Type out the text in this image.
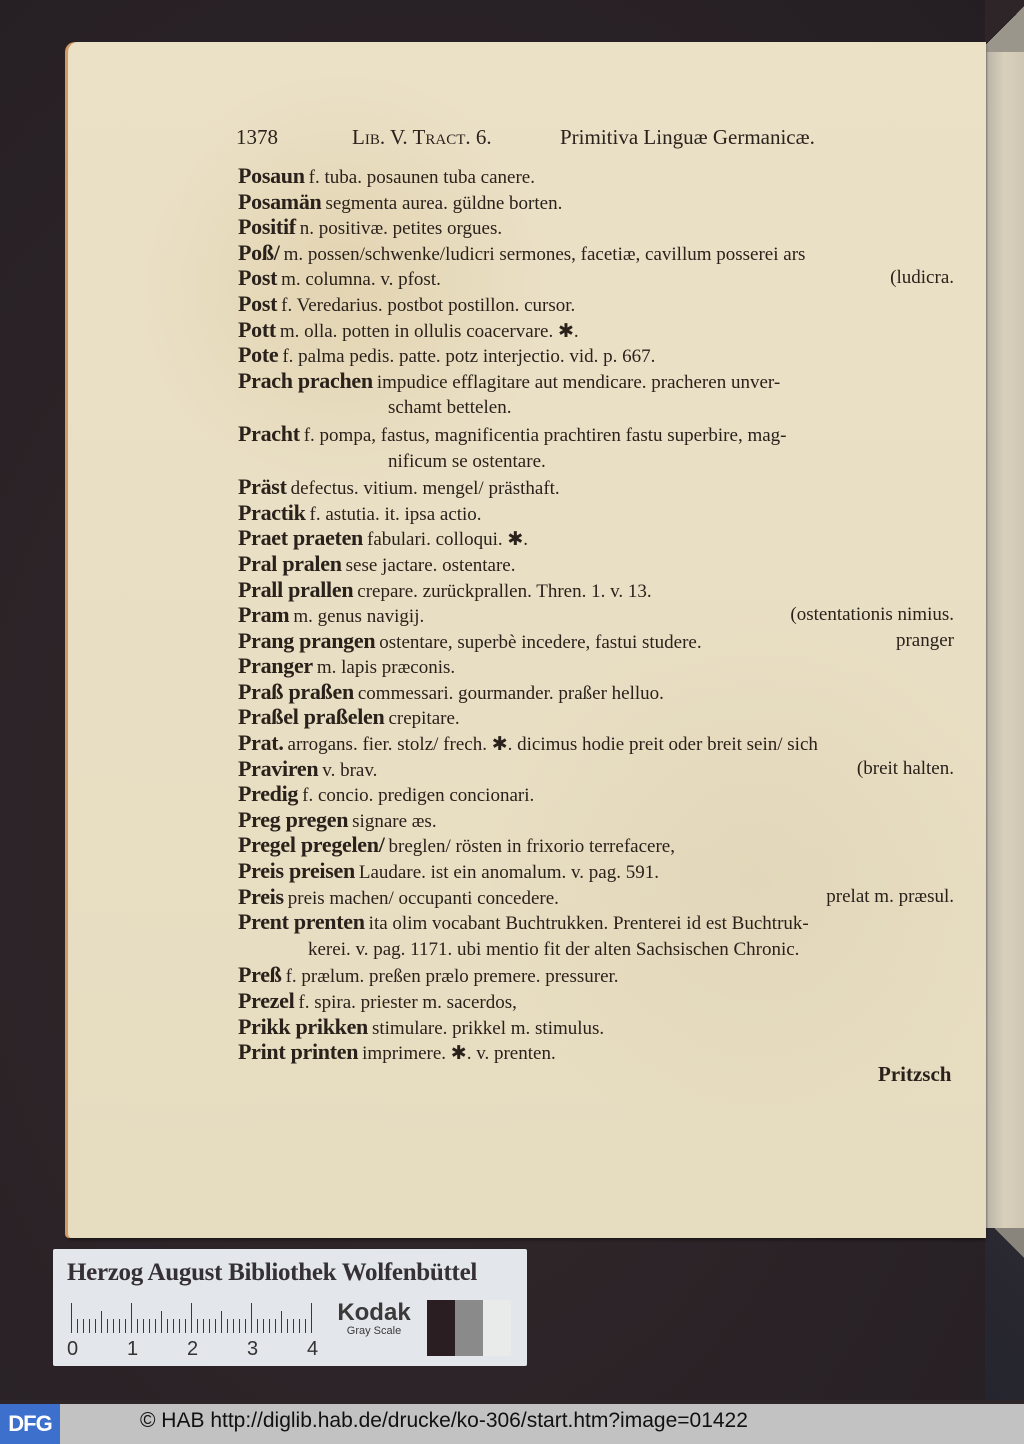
1378	Lib. V. Tract. 6.	Primitiva Linguæ Germanicæ.
Posaun f. tuba. posaunen tuba canere.
Posamän segmenta aurea. güldne borten.
Positif n. positivæ. petites orgues.
Poß/ m. possen/schwenke/ludicri sermones, facetiæ, cavillum posserei ars
Post m. columna. v. pfost.	(ludicra.
Post f. Veredarius. postbot postillon. cursor.
Pott m. olla. potten in ollulis coacervare. ✱.
Pote f. palma pedis. patte. potz interjectio. vid. p. 667.
Prach prachen impudice efflagitare aut mendicare. pracheren unver-
schamt bettelen.
Pracht f. pompa, fastus, magnificentia prachtiren fastu superbire, mag-
nificum se ostentare.
Präst defectus. vitium. mengel/ prästhaft.
Practik f. astutia. it. ipsa actio.
Praet praeten fabulari. colloqui. ✱.
Pral pralen sese jactare. ostentare.
Prall prallen crepare. zurückprallen. Thren. 1. v. 13.
Pram m. genus navigij.	(ostentationis nimius.
Prang prangen ostentare, superbè incedere, fastui studere.	pranger
Pranger m. lapis præconis.
Praß praßen commessari. gourmander. praßer helluo.
Praßel praßelen crepitare.
Prat. arrogans. fier. stolz/ frech. ✱. dicimus hodie preit oder breit sein/ sich
Praviren v. brav.	(breit halten.
Predig f. concio. predigen concionari.
Preg pregen signare æs.
Pregel pregelen/ breglen/ rösten in frixorio terrefacere,
Preis preisen Laudare. ist ein anomalum. v. pag. 591.
Preis preis machen/ occupanti concedere.	prelat m. præsul.
Prent prenten ita olim vocabant Buchtrukken. Prenterei id est Buchtruk-
kerei. v. pag. 1171. ubi mentio fit der alten Sachsischen Chronic.
Preß f. prælum. preßen prælo premere. pressurer.
Prezel f. spira. priester m. sacerdos,
Prikk prikken stimulare. prikkel m. stimulus.
Print printen imprimere. ✱. v. prenten.
Pritzsch
Herzog August Bibliothek Wolfenbüttel
0 1 2 3 4
Kodak
Gray Scale
DFG	© HAB http://diglib.hab.de/drucke/ko-306/start.htm?image=01422
